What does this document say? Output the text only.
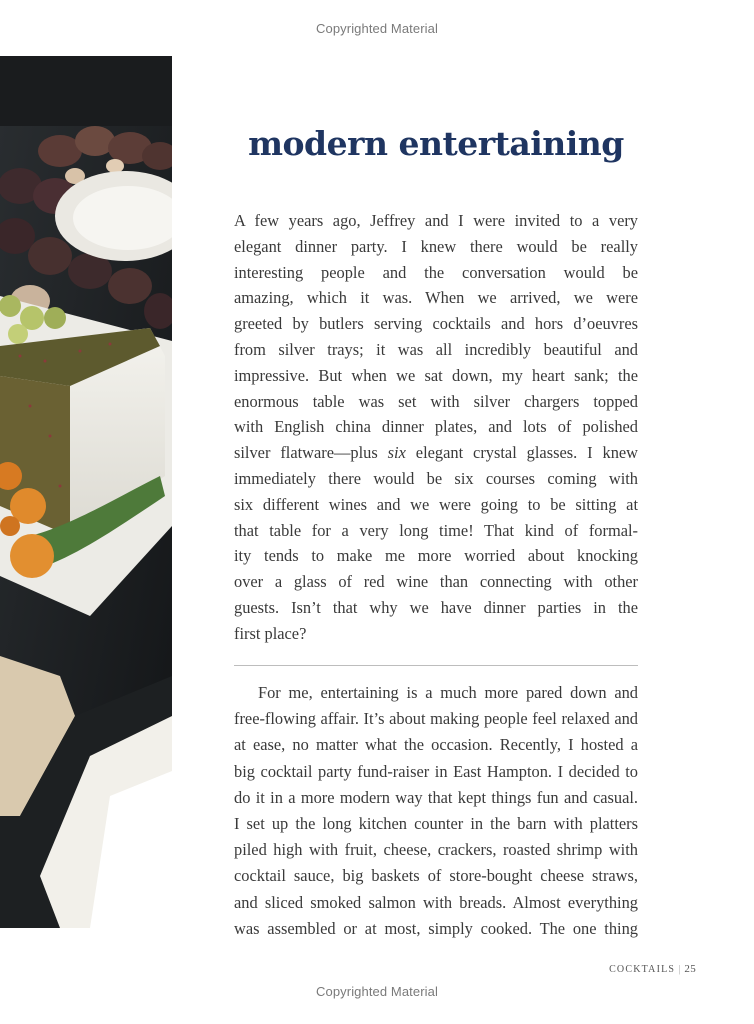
Copyrighted Material
modern entertaining

A few years ago, Jeffrey and I were invited to a very
elegant dinner party. I knew there would be really
interesting people and the conversation would be
amazing, which it was. When we arrived, we were
greeted by butlers serving cocktails and hors d’oeuvres
from silver trays; it was all incredibly beautiful and
impressive. But when we sat down, my heart sank; the
enormous table was set with silver chargers topped
with English china dinner plates, and lots of polished
silver flatware—plus six elegant crystal glasses. I knew
immediately there would be six courses coming with
six different wines and we were going to be sitting at
that table for a very long time! That kind of formal-
ity tends to make me more worried about knocking
over a glass of red wine than connecting with other
guests. Isn’t that why we have dinner parties in the
first place?

For me, entertaining is a much more pared down and
free-flowing affair. It’s about making people feel relaxed and
at ease, no matter what the occasion. Recently, I hosted a
big cocktail party fund-raiser in East Hampton. I decided to
do it in a more modern way that kept things fun and casual.
I set up the long kitchen counter in the barn with platters
piled high with fruit, cheese, crackers, roasted shrimp with
cocktail sauce, big baskets of store-bought cheese straws,
and sliced smoked salmon with breads. Almost everything
was assembled or at most, simply cooked. The one thing

COCKTAILS | 25
Copyrighted Material
